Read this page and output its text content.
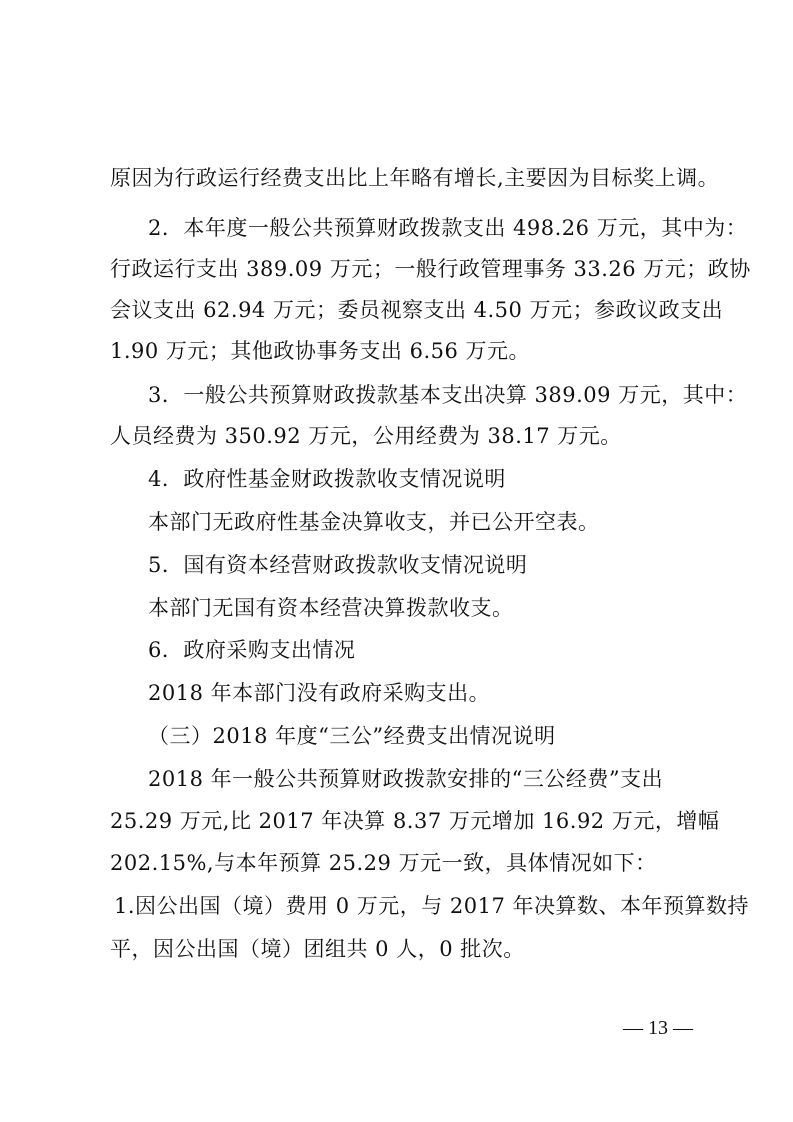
原因为行政运行经费支出比上年略有增长,主要因为目标奖上调。
2．本年度一般公共预算财政拨款支出 498.26 万元，其中为：
行政运行支出 389.09 万元；一般行政管理事务 33.26 万元；政协
会议支出 62.94 万元；委员视察支出 4.50 万元；参政议政支出
1.90 万元；其他政协事务支出 6.56 万元。
3．一般公共预算财政拨款基本支出决算 389.09 万元，其中：
人员经费为 350.92 万元，公用经费为 38.17 万元。
4．政府性基金财政拨款收支情况说明
本部门无政府性基金决算收支，并已公开空表。
5．国有资本经营财政拨款收支情况说明
本部门无国有资本经营决算拨款收支。
6．政府采购支出情况
2018 年本部门没有政府采购支出。
（三）2018 年度“三公”经费支出情况说明
2018 年一般公共预算财政拨款安排的“三公经费”支出
25.29 万元,比 2017 年决算 8.37 万元增加 16.92 万元，增幅
202.15%,与本年预算 25.29 万元一致，具体情况如下：
1.因公出国（境）费用 0 万元，与 2017 年决算数、本年预算数持
平，因公出国（境）团组共 0 人，0 批次。
— 13 —
